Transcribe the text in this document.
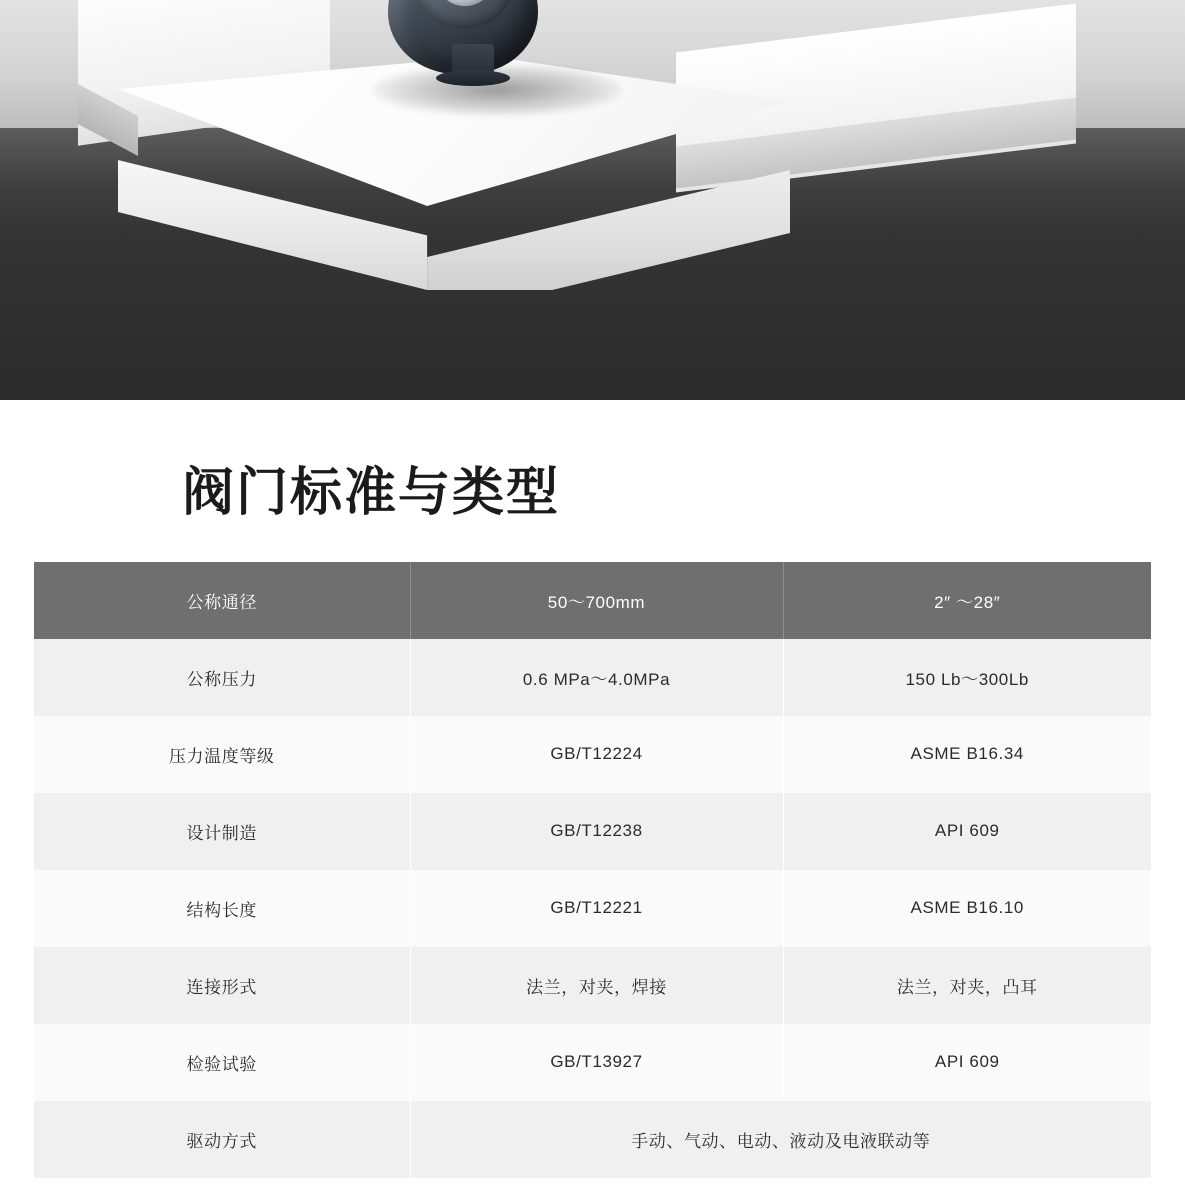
阀门标准与类型
公称通径	50～700mm	2″ ～28″
公称压力	0.6 MPa～4.0MPa	150 Lb～300Lb
压力温度等级	GB/T12224	ASME B16.34
设计制造	GB/T12238	API 609
结构长度	GB/T12221	ASME B16.10
连接形式	法兰，对夹，焊接	法兰，对夹，凸耳
检验试验	GB/T13927	API 609
驱动方式	手动、气动、电动、液动及电液联动等	
